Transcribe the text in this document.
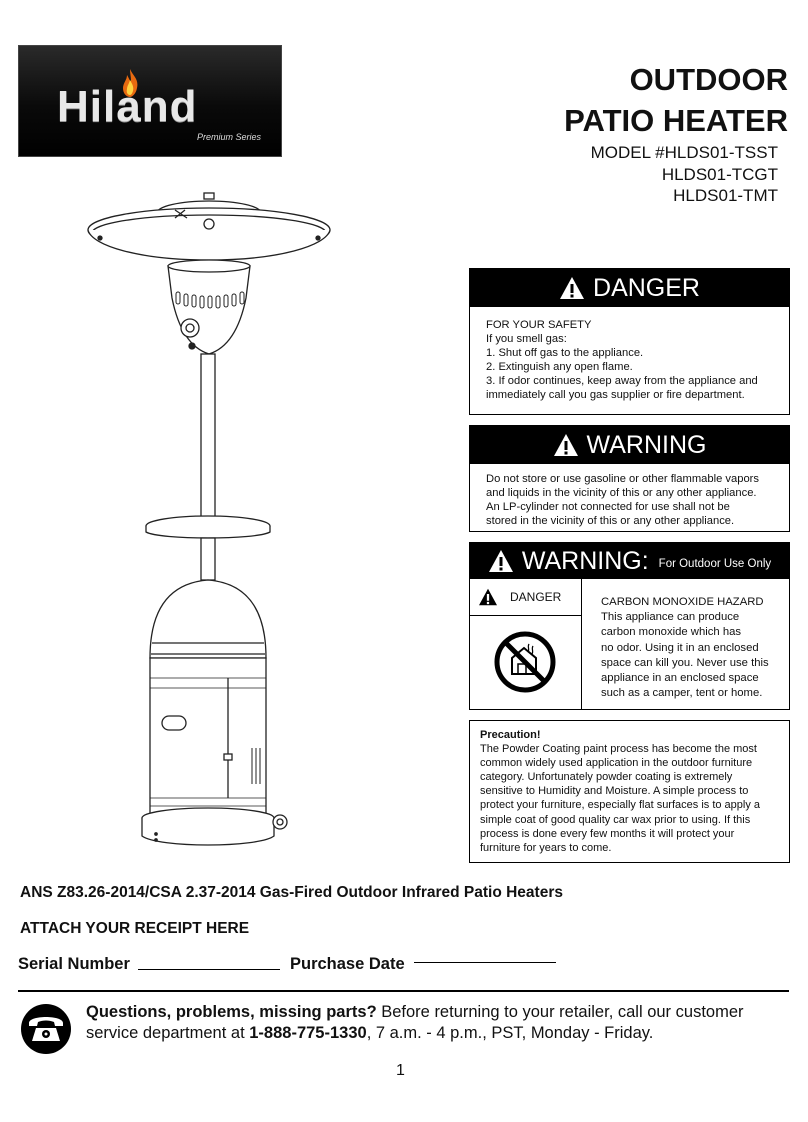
Hiland
Premium Series
OUTDOOR
PATIO HEATER
MODEL #HLDS01-TSST
HLDS01-TCGT
HLDS01-TMT
DANGER
FOR YOUR SAFETY
If you smell gas:
1. Shut off gas to the appliance.
2. Extinguish any open flame.
3. If odor continues, keep away from the appliance and
immediately call you gas supplier or fire department.
WARNING
Do not store or use gasoline or other flammable vapors
and liquids in the vicinity of this or any other appliance.
An LP-cylinder not connected for use shall not be
stored in the vicinity of this or any other appliance.
WARNING: For Outdoor Use Only
DANGER	CARBON MONOXIDE HAZARD
This appliance can produce
carbon monoxide which has
no odor. Using it in an enclosed
space can kill you. Never use this
appliance in an enclosed space
such as a camper, tent or home.
Precaution!
The Powder Coating paint process has become the most
common widely used application in the outdoor furniture
category. Unfortunately powder coating is extremely
sensitive to Humidity and Moisture. A simple process to
protect your furniture, especially flat surfaces is to apply a
simple coat of good quality car wax prior to using. If this
process is done every few months it will protect your
furniture for years to come.
ANS Z83.26-2014/CSA 2.37-2014 Gas-Fired Outdoor Infrared Patio Heaters
ATTACH YOUR RECEIPT HERE
Serial Number	Purchase Date
Questions, problems, missing parts? Before returning to your retailer, call our customer
service department at 1-888-775-1330, 7 a.m. - 4 p.m., PST, Monday - Friday.
1
